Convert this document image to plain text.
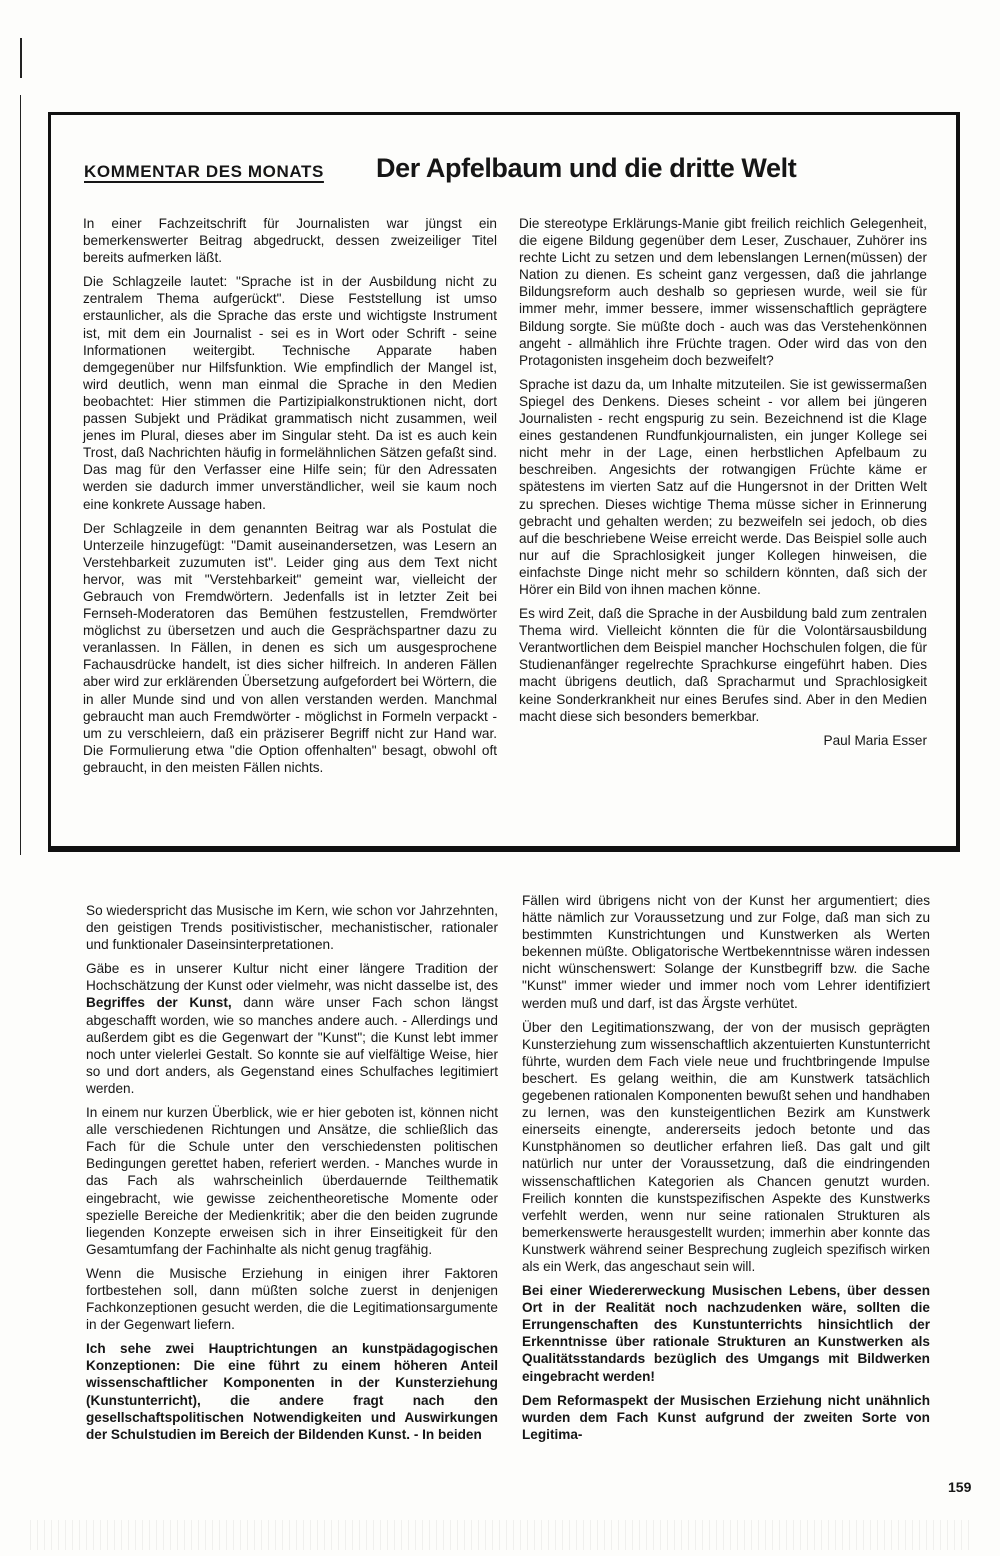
KOMMENTAR DES MONATS Der Apfelbaum und die dritte Welt

In einer Fachzeitschrift für Journalisten war jüngst ein bemerkenswerter Beitrag abgedruckt, dessen zweizeiliger Titel bereits aufmerken läßt.

Die Schlagzeile lautet: "Sprache ist in der Ausbildung nicht zu zentralem Thema aufgerückt". Diese Feststellung ist umso erstaunlicher, als die Sprache das erste und wichtigste Instrument ist, mit dem ein Journalist - sei es in Wort oder Schrift - seine Informationen weitergibt. Technische Apparate haben demgegenüber nur Hilfsfunktion. Wie empfindlich der Mangel ist, wird deutlich, wenn man einmal die Sprache in den Medien beobachtet: Hier stimmen die Partizipialkonstruktionen nicht, dort passen Subjekt und Prädikat grammatisch nicht zusammen, weil jenes im Plural, dieses aber im Singular steht. Da ist es auch kein Trost, daß Nachrichten häufig in formelähnlichen Sätzen gefaßt sind. Das mag für den Verfasser eine Hilfe sein; für den Adressaten werden sie dadurch immer unverständlicher, weil sie kaum noch eine konkrete Aussage haben.

Der Schlagzeile in dem genannten Beitrag war als Postulat die Unterzeile hinzugefügt: "Damit auseinandersetzen, was Lesern an Verstehbarkeit zuzumuten ist". Leider ging aus dem Text nicht hervor, was mit "Verstehbarkeit" gemeint war, vielleicht der Gebrauch von Fremdwörtern. Jedenfalls ist in letzter Zeit bei Fernseh-Moderatoren das Bemühen festzustellen, Fremdwörter möglichst zu übersetzen und auch die Gesprächspartner dazu zu veranlassen. In Fällen, in denen es sich um ausgesprochene Fachausdrücke handelt, ist dies sicher hilfreich. In anderen Fällen aber wird zur erklärenden Übersetzung aufgefordert bei Wörtern, die in aller Munde sind und von allen verstanden werden. Manchmal gebraucht man auch Fremdwörter - möglichst in Formeln verpackt - um zu verschleiern, daß ein präziserer Begriff nicht zur Hand war. Die Formulierung etwa "die Option offenhalten" besagt, obwohl oft gebraucht, in den meisten Fällen nichts.

Die stereotype Erklärungs-Manie gibt freilich reichlich Gelegenheit, die eigene Bildung gegenüber dem Leser, Zuschauer, Zuhörer ins rechte Licht zu setzen und dem lebenslangen Lernen(müssen) der Nation zu dienen. Es scheint ganz vergessen, daß die jahrlange Bildungsreform auch deshalb so gepriesen wurde, weil sie für immer mehr, immer bessere, immer wissenschaftlich geprägtere Bildung sorgte. Sie müßte doch - auch was das Verstehenkönnen angeht - allmählich ihre Früchte tragen. Oder wird das von den Protagonisten insgeheim doch bezweifelt?

Sprache ist dazu da, um Inhalte mitzuteilen. Sie ist gewissermaßen Spiegel des Denkens. Dieses scheint - vor allem bei jüngeren Journalisten - recht engspurig zu sein. Bezeichnend ist die Klage eines gestandenen Rundfunkjournalisten, ein junger Kollege sei nicht mehr in der Lage, einen herbstlichen Apfelbaum zu beschreiben. Angesichts der rotwangigen Früchte käme er spätestens im vierten Satz auf die Hungersnot in der Dritten Welt zu sprechen. Dieses wichtige Thema müsse sicher in Erinnerung gebracht und gehalten werden; zu bezweifeln sei jedoch, ob dies auf die beschriebene Weise erreicht werde. Das Beispiel solle auch nur auf die Sprachlosigkeit junger Kollegen hinweisen, die einfachste Dinge nicht mehr so schildern könnten, daß sich der Hörer ein Bild von ihnen machen könne.

Es wird Zeit, daß die Sprache in der Ausbildung bald zum zentralen Thema wird. Vielleicht könnten die für die Volontärsausbildung Verantwortlichen dem Beispiel mancher Hochschulen folgen, die für Studienanfänger regelrechte Sprachkurse eingeführt haben. Dies macht übrigens deutlich, daß Spracharmut und Sprachlosigkeit keine Sonderkrankheit nur eines Berufes sind. Aber in den Medien macht diese sich besonders bemerkbar.

Paul Maria Esser

So wiederspricht das Musische im Kern, wie schon vor Jahrzehnten, den geistigen Trends positivistischer, mechanistischer, rationaler und funktionaler Daseinsinterpretationen.

Gäbe es in unserer Kultur nicht einer längere Tradition der Hochschätzung der Kunst oder vielmehr, was nicht dasselbe ist, des Begriffes der Kunst, dann wäre unser Fach schon längst abgeschafft worden, wie so manches andere auch. - Allerdings und außerdem gibt es die Gegenwart der "Kunst"; die Kunst lebt immer noch unter vielerlei Gestalt. So konnte sie auf vielfältige Weise, hier so und dort anders, als Gegenstand eines Schulfaches legitimiert werden.

In einem nur kurzen Überblick, wie er hier geboten ist, können nicht alle verschiedenen Richtungen und Ansätze, die schließlich das Fach für die Schule unter den verschiedensten politischen Bedingungen gerettet haben, referiert werden. - Manches wurde in das Fach als wahrscheinlich überdauernde Teilthematik eingebracht, wie gewisse zeichentheoretische Momente oder spezielle Bereiche der Medienkritik; aber die den beiden zugrunde liegenden Konzepte erweisen sich in ihrer Einseitigkeit für den Gesamtumfang der Fachinhalte als nicht genug tragfähig.

Wenn die Musische Erziehung in einigen ihrer Faktoren fortbestehen soll, dann müßten solche zuerst in denjenigen Fachkonzeptionen gesucht werden, die die Legitimationsargumente in der Gegenwart liefern.

Ich sehe zwei Hauptrichtungen an kunstpädagogischen Konzeptionen: Die eine führt zu einem höheren Anteil wissenschaftlicher Komponenten in der Kunsterziehung (Kunstunterricht), die andere fragt nach den gesellschaftspolitischen Notwendigkeiten und Auswirkungen der Schulstudien im Bereich der Bildenden Kunst. - In beiden

Fällen wird übrigens nicht von der Kunst her argumentiert; dies hätte nämlich zur Voraussetzung und zur Folge, daß man sich zu bestimmten Kunstrichtungen und Kunstwerken als Werten bekennen müßte. Obligatorische Wertbekenntnisse wären indessen nicht wünschenswert: Solange der Kunstbegriff bzw. die Sache "Kunst" immer wieder und immer noch vom Lehrer identifiziert werden muß und darf, ist das Ärgste verhütet.

Über den Legitimationszwang, der von der musisch geprägten Kunsterziehung zum wissenschaftlich akzentuierten Kunstunterricht führte, wurden dem Fach viele neue und fruchtbringende Impulse beschert. Es gelang weithin, die am Kunstwerk tatsächlich gegebenen rationalen Komponenten bewußt sehen und handhaben zu lernen, was den kunsteigentlichen Bezirk am Kunstwerk einerseits einengte, andererseits jedoch betonte und das Kunstphänomen so deutlicher erfahren ließ. Das galt und gilt natürlich nur unter der Voraussetzung, daß die eindringenden wissenschaftlichen Kategorien als Chancen genutzt wurden. Freilich konnten die kunstspezifischen Aspekte des Kunstwerks verfehlt werden, wenn nur seine rationalen Strukturen als bemerkenswerte herausgestellt wurden; immerhin aber konnte das Kunstwerk während seiner Besprechung zugleich spezifisch wirken als ein Werk, das angeschaut sein will.

Bei einer Wiedererweckung Musischen Lebens, über dessen Ort in der Realität noch nachzudenken wäre, sollten die Errungenschaften des Kunstunterrichts hinsichtlich der Erkenntnisse über rationale Strukturen an Kunstwerken als Qualitätsstandards bezüglich des Umgangs mit Bildwerken eingebracht werden!

Dem Reformaspekt der Musischen Erziehung nicht unähnlich wurden dem Fach Kunst aufgrund der zweiten Sorte von Legitima-

159
